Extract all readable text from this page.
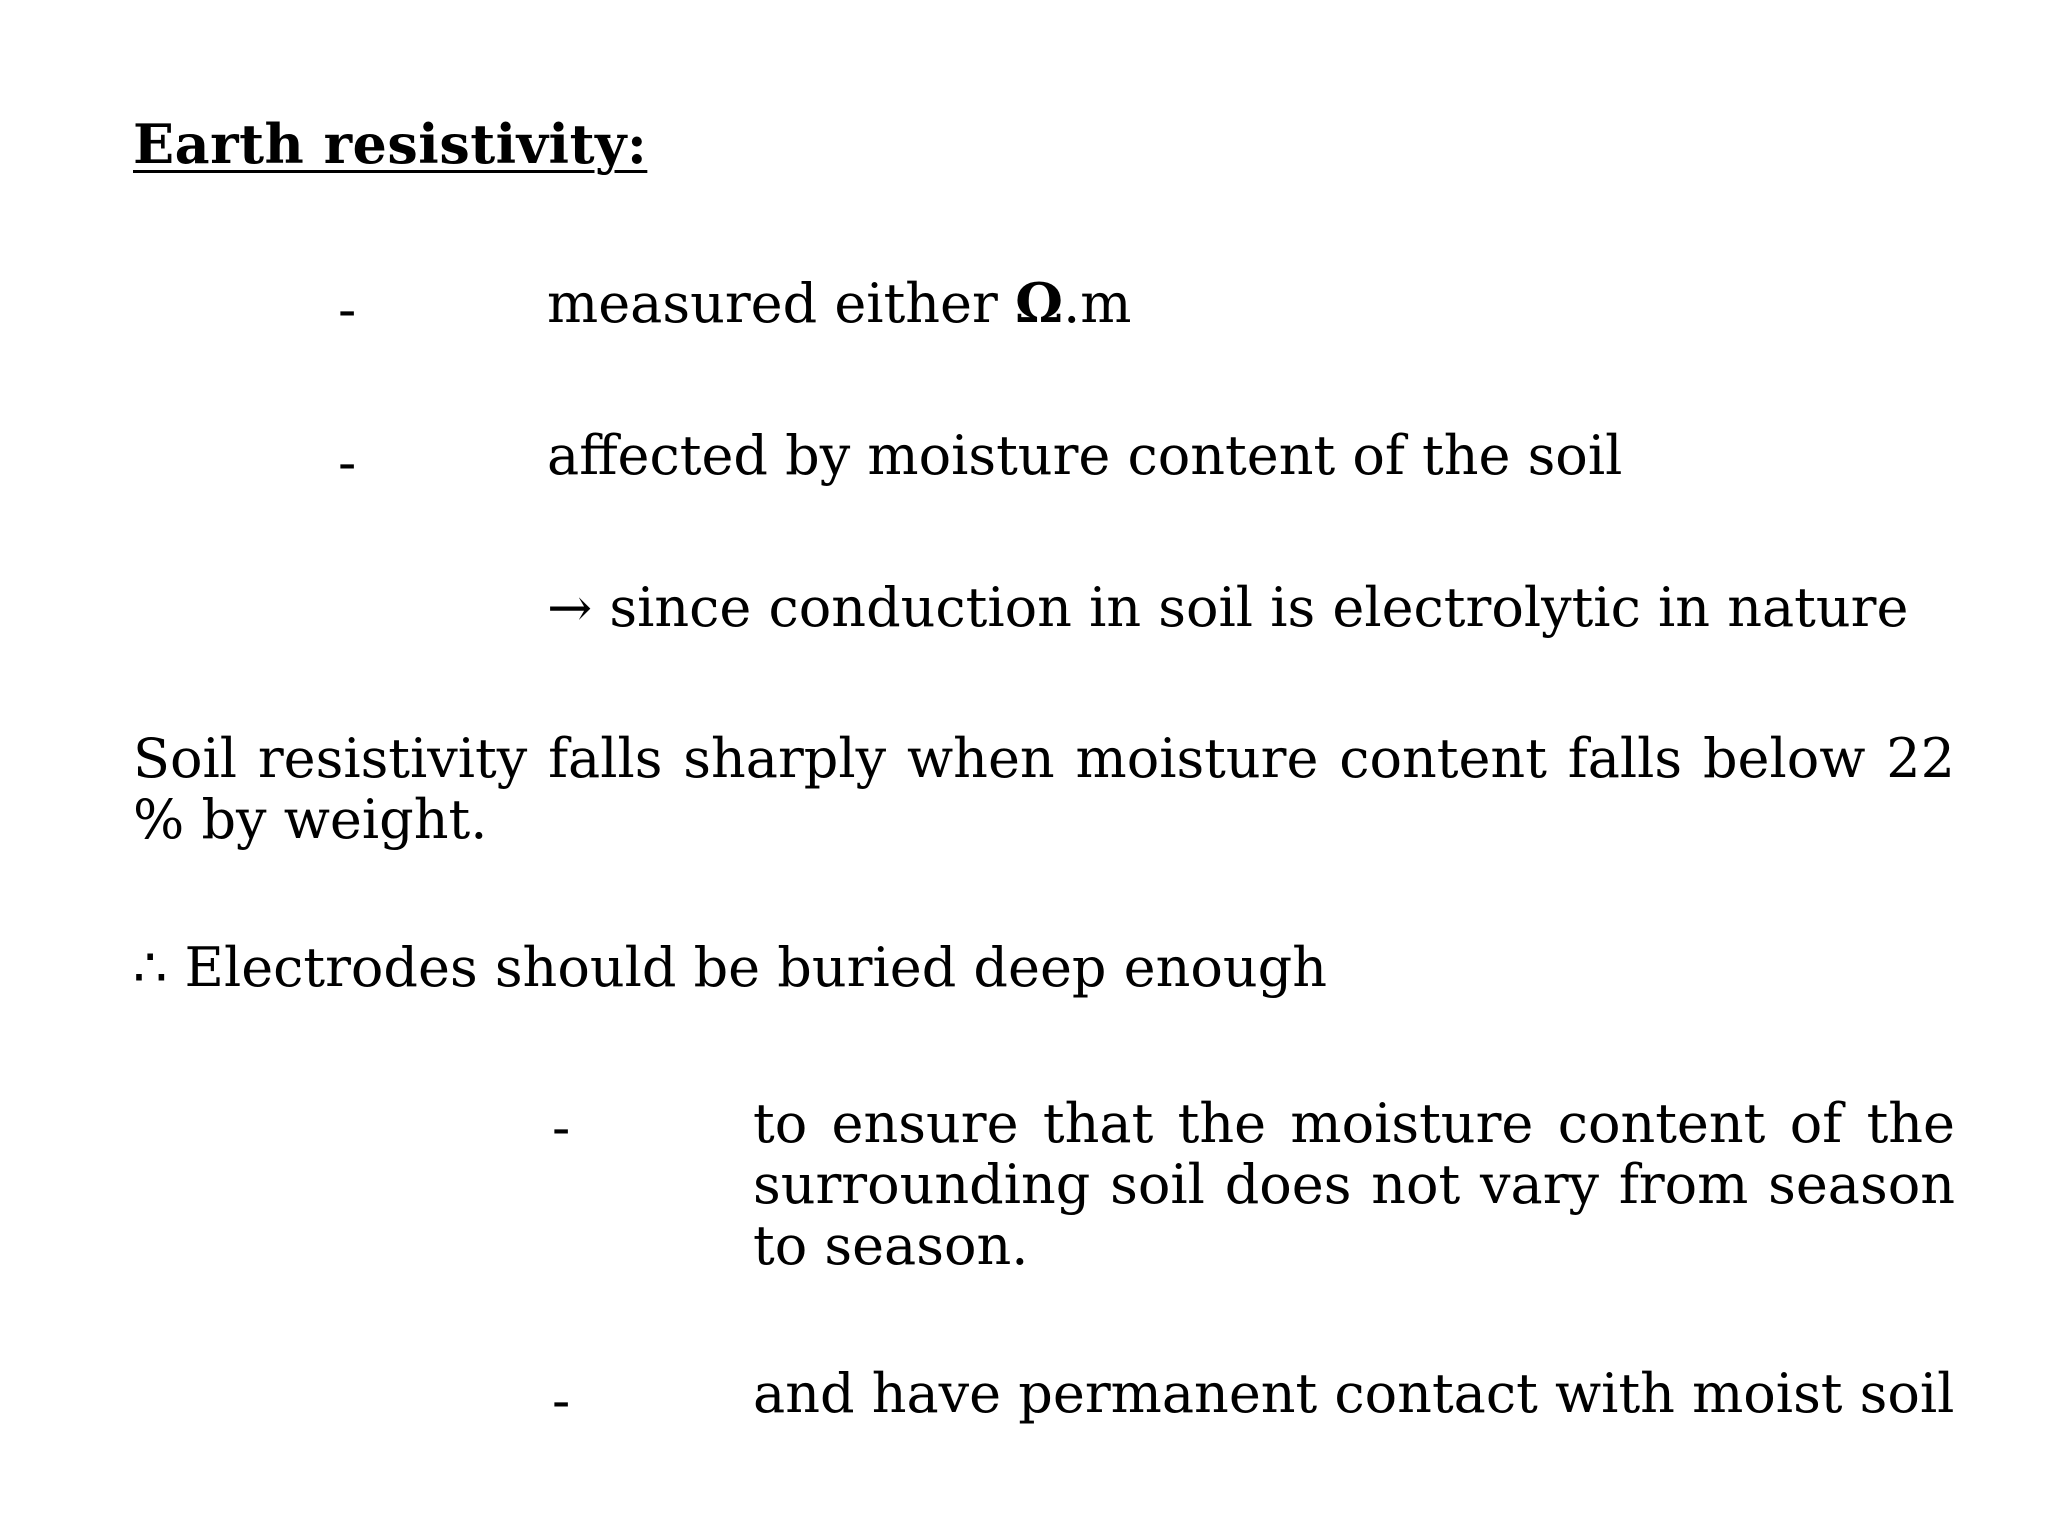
Earth resistivity:
-	measured either Ω.m
-	affected by moisture content of the soil
→ since conduction in soil is electrolytic in nature
Soil resistivity falls sharply when moisture content falls below 22 % by weight.
∴ Electrodes should be buried deep enough
-	to ensure that the moisture content of the surrounding soil does not vary from season to season.
-	and have permanent contact with moist soil
